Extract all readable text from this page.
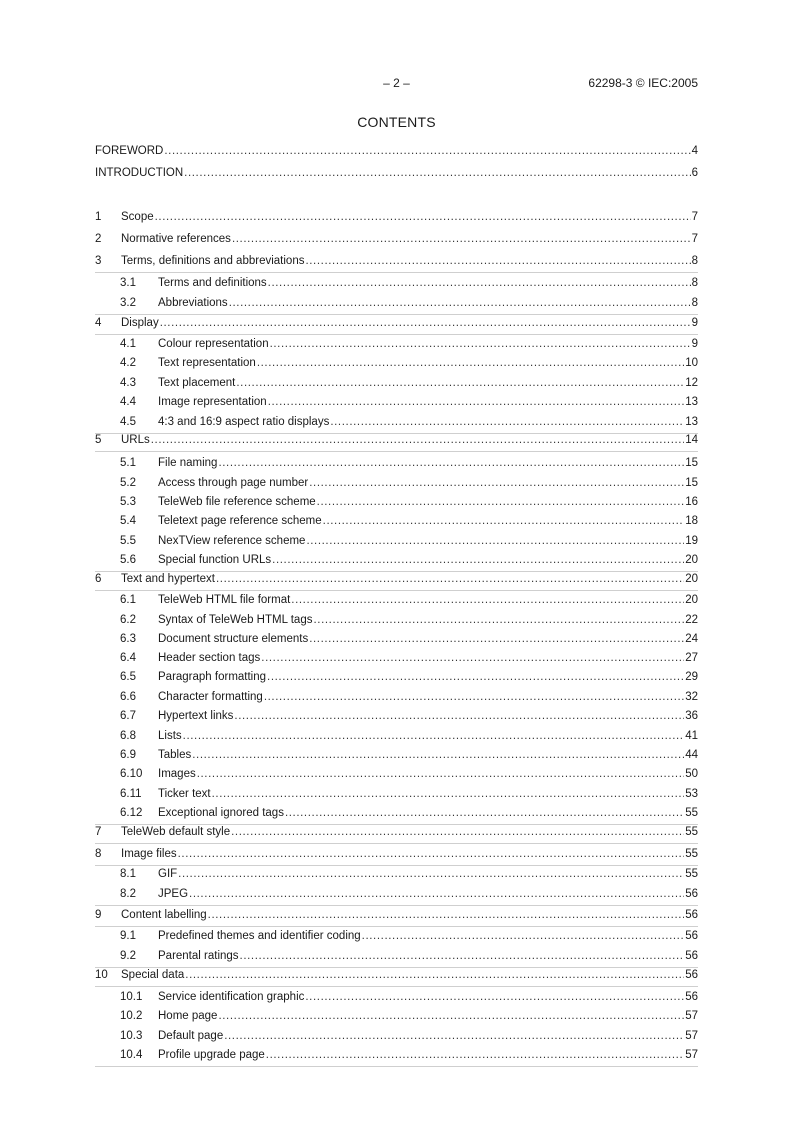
– 2 –	62298-3 © IEC:2005
CONTENTS
FOREWORD .....	4
INTRODUCTION .....	6
1	Scope .....	7
2	Normative references .....	7
3	Terms, definitions and abbreviations .....	8
3.1	Terms and definitions .....	8
3.2	Abbreviations .....	8
4	Display .....	9
4.1	Colour representation .....	9
4.2	Text representation .....	10
4.3	Text placement .....	12
4.4	Image representation .....	13
4.5	4:3 and 16:9 aspect ratio displays .....	13
5	URLs .....	14
5.1	File naming .....	15
5.2	Access through page number .....	15
5.3	TeleWeb file reference scheme .....	16
5.4	Teletext page reference scheme .....	18
5.5	NexTView reference scheme .....	19
5.6	Special function URLs .....	20
6	Text and hypertext .....	20
6.1	TeleWeb HTML file format .....	20
6.2	Syntax of TeleWeb HTML tags .....	22
6.3	Document structure elements .....	24
6.4	Header section tags .....	27
6.5	Paragraph formatting .....	29
6.6	Character formatting .....	32
6.7	Hypertext links .....	36
6.8	Lists .....	41
6.9	Tables .....	44
6.10	Images .....	50
6.11	Ticker text .....	53
6.12	Exceptional ignored tags .....	55
7	TeleWeb default style .....	55
8	Image files .....	55
8.1	GIF .....	55
8.2	JPEG .....	56
9	Content labelling .....	56
9.1	Predefined themes and identifier coding .....	56
9.2	Parental ratings .....	56
10	Special data .....	56
10.1	Service identification graphic .....	56
10.2	Home page .....	57
10.3	Default page .....	57
10.4	Profile upgrade page .....	57
